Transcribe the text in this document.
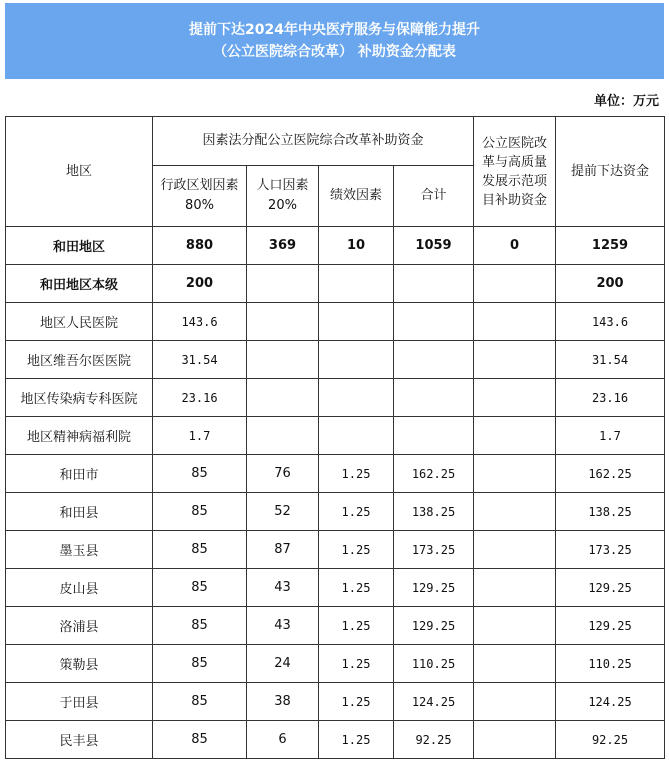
提前下达2024年中央医疗服务与保障能力提升
（公立医院综合改革） 补助资金分配表
单位：万元
地区	因素法分配公立医院综合改革补助资金				公立医院改革与高质量发展示范项目补助资金	提前下达资金
	行政区划因素80%	人口因素20%	绩效因素	合计		
和田地区	880	369	10	1059	0	1259
和田地区本级	200					200
地区人民医院	143.6					143.6
地区维吾尔医医院	31.54					31.54
地区传染病专科医院	23.16					23.16
地区精神病福利院	1.7					1.7
和田市	85	76	1.25	162.25		162.25
和田县	85	52	1.25	138.25		138.25
墨玉县	85	87	1.25	173.25		173.25
皮山县	85	43	1.25	129.25		129.25
洛浦县	85	43	1.25	129.25		129.25
策勒县	85	24	1.25	110.25		110.25
于田县	85	38	1.25	124.25		124.25
民丰县	85	6	1.25	92.25		92.25
